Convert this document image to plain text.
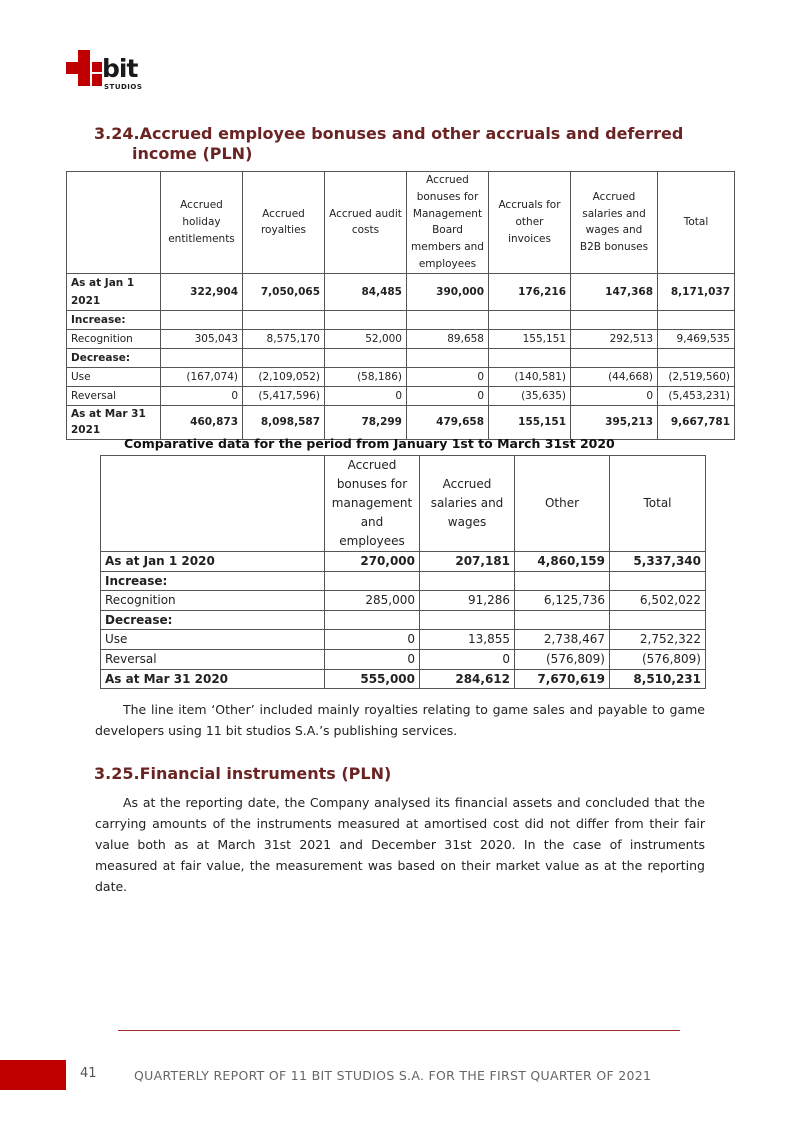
bit
STUDIOS
3.24.Accrued employee bonuses and other accruals and deferred
income (PLN)
	Accrued holiday entitlements	Accrued royalties	Accrued audit costs	Accrued bonuses for Management Board members and employees	Accruals for other invoices	Accrued salaries and wages and B2B bonuses	Total
As at Jan 1 2021	322,904	7,050,065	84,485	390,000	176,216	147,368	8,171,037
Increase:							
Recognition	305,043	8,575,170	52,000	89,658	155,151	292,513	9,469,535
Decrease:							
Use	(167,074)	(2,109,052)	(58,186)	0	(140,581)	(44,668)	(2,519,560)
Reversal	0	(5,417,596)	0	0	(35,635)	0	(5,453,231)
As at Mar 31 2021	460,873	8,098,587	78,299	479,658	155,151	395,213	9,667,781

Comparative data for the period from January 1st to March 31st 2020

	Accrued bonuses for management and employees	Accrued salaries and wages	Other	Total
As at Jan 1 2020	270,000	207,181	4,860,159	5,337,340
Increase:				
Recognition	285,000	91,286	6,125,736	6,502,022
Decrease:				
Use	0	13,855	2,738,467	2,752,322
Reversal	0	0	(576,809)	(576,809)
As at Mar 31 2020	555,000	284,612	7,670,619	8,510,231

The line item ‘Other’ included mainly royalties relating to game sales and payable to game developers using 11 bit studios S.A.’s publishing services.

3.25.Financial instruments (PLN)

As at the reporting date, the Company analysed its financial assets and concluded that the carrying amounts of the instruments measured at amortised cost did not differ from their fair value both as at March 31st 2021 and December 31st 2020. In the case of instruments measured at fair value, the measurement was based on their market value as at the reporting date.

41	QUARTERLY REPORT OF 11 BIT STUDIOS S.A. FOR THE FIRST QUARTER OF 2021
